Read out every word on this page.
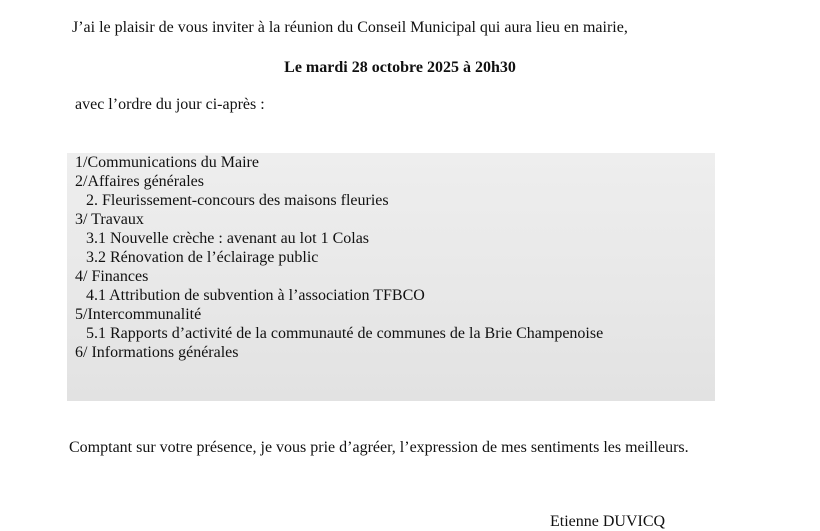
J’ai le plaisir de vous inviter à la réunion du Conseil Municipal qui aura lieu en mairie,
Le mardi 28 octobre 2025 à 20h30
avec l’ordre du jour ci-après :
1/Communications du Maire
2/Affaires générales
2. Fleurissement-concours des maisons fleuries
3/ Travaux
3.1 Nouvelle crèche : avenant au lot 1 Colas
3.2 Rénovation de l’éclairage public
4/ Finances
4.1 Attribution de subvention à l’association TFBCO
5/Intercommunalité
5.1 Rapports d’activité de la communauté de communes de la Brie Champenoise
6/ Informations générales
Comptant sur votre présence, je vous prie d’agréer, l’expression de mes sentiments les meilleurs.
Etienne DUVICQ
